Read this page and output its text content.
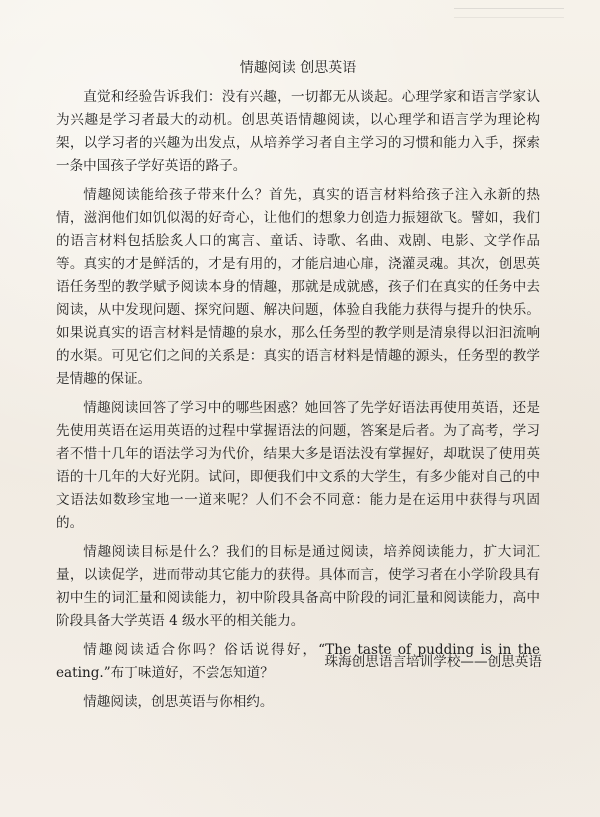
情趣阅读 创思英语

直觉和经验告诉我们：没有兴趣，一切都无从谈起。心理学家和语言学家认为兴趣是学习者最大的动机。创思英语情趣阅读，以心理学和语言学为理论构架，以学习者的兴趣为出发点，从培养学习者自主学习的习惯和能力入手，探索一条中国孩子学好英语的路子。

情趣阅读能给孩子带来什么？首先，真实的语言材料给孩子注入永新的热情，滋润他们如饥似渴的好奇心，让他们的想象力创造力振翅欲飞。譬如，我们的语言材料包括脍炙人口的寓言、童话、诗歌、名曲、戏剧、电影、文学作品等。真实的才是鲜活的，才是有用的，才能启迪心扉，浇灌灵魂。其次，创思英语任务型的教学赋予阅读本身的情趣，那就是成就感，孩子们在真实的任务中去阅读，从中发现问题、探究问题、解决问题，体验自我能力获得与提升的快乐。如果说真实的语言材料是情趣的泉水，那么任务型的教学则是清泉得以汩汩流响的水渠。可见它们之间的关系是：真实的语言材料是情趣的源头，任务型的教学是情趣的保证。

情趣阅读回答了学习中的哪些困惑？她回答了先学好语法再使用英语，还是先使用英语在运用英语的过程中掌握语法的问题，答案是后者。为了高考，学习者不惜十几年的语法学习为代价，结果大多是语法没有掌握好，却耽误了使用英语的十几年的大好光阴。试问，即便我们中文系的大学生，有多少能对自己的中文语法如数珍宝地一一道来呢？人们不会不同意：能力是在运用中获得与巩固的。

情趣阅读目标是什么？我们的目标是通过阅读，培养阅读能力，扩大词汇量，以读促学，进而带动其它能力的获得。具体而言，使学习者在小学阶段具有初中生的词汇量和阅读能力，初中阶段具备高中阶段的词汇量和阅读能力，高中阶段具备大学英语 4 级水平的相关能力。

情趣阅读适合你吗？俗话说得好，“The taste of pudding is in the eating.”布丁味道好，不尝怎知道？

情趣阅读，创思英语与你相约。

珠海创思语言培训学校——创思英语
